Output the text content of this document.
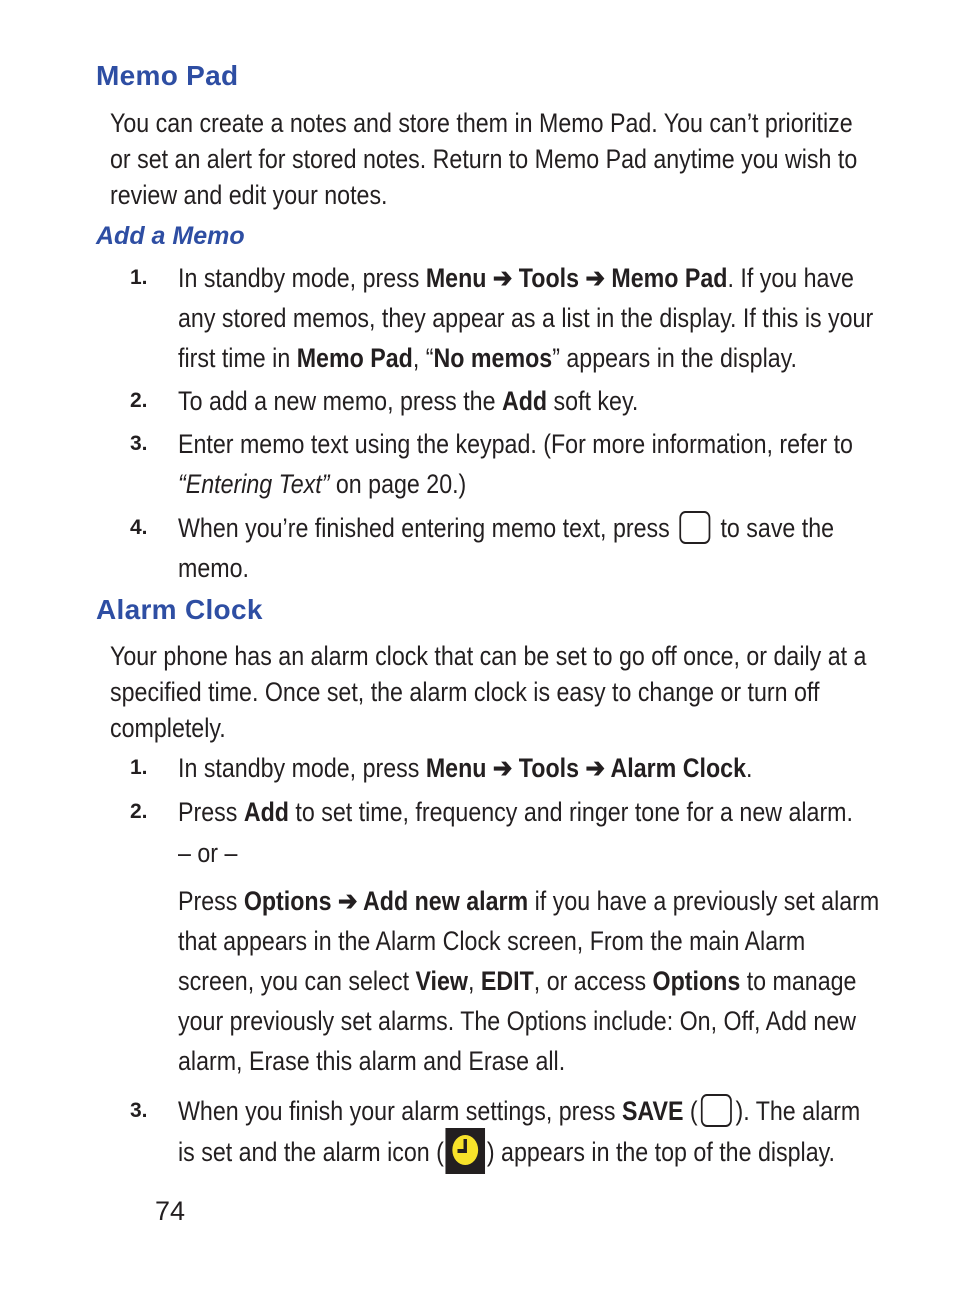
Memo Pad

You can create a notes and store them in Memo Pad. You can’t prioritize or set an alert for stored notes. Return to Memo Pad anytime you wish to review and edit your notes.

Add a Memo
1. In standby mode, press Menu ➔ Tools ➔ Memo Pad. If you have any stored memos, they appear as a list in the display. If this is your first time in Memo Pad, “No memos” appears in the display.

2. To add a new memo, press the Add soft key.

3. Enter memo text using the keypad. (For more information, refer to “Entering Text” on page 20.)

4. When you’re finished entering memo text, press  to save the memo.

Alarm Clock

Your phone has an alarm clock that can be set to go off once, or daily at a specified time. Once set, the alarm clock is easy to change or turn off completely.

1. In standby mode, press Menu ➔ Tools ➔ Alarm Clock.

2. Press Add to set time, frequency and ringer tone for a new alarm.

– or –

Press Options ➔ Add new alarm if you have a previously set alarm that appears in the Alarm Clock screen, From the main Alarm screen, you can select View, EDIT, or access Options to manage your previously set alarms. The Options include: On, Off, Add new alarm, Erase this alarm and Erase all.

3. When you finish your alarm settings, press SAVE ( ). The alarm is set and the alarm icon ( ) appears in the top of the display.

74
